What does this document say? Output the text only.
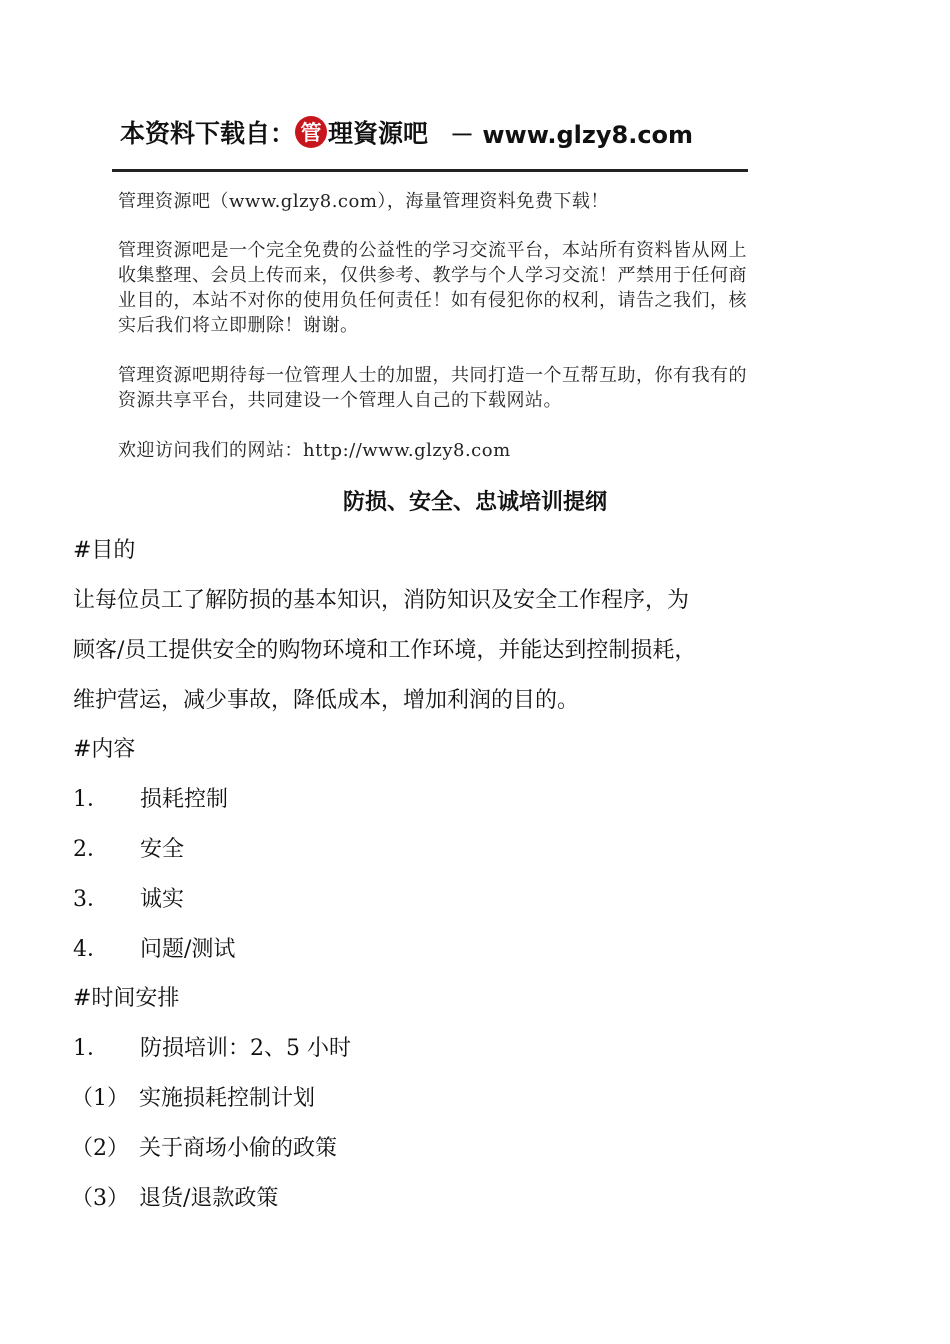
本资料下载自： 管 理資源吧 － www.glzy8.com

管理资源吧（www.glzy8.com），海量管理资料免费下载！

管理资源吧是一个完全免费的公益性的学习交流平台，本站所有资料皆从网上收集整理、会员上传而来，仅供参考、教学与个人学习交流！严禁用于任何商业目的，本站不对你的使用负任何责任！如有侵犯你的权利，请告之我们，核实后我们将立即删除！谢谢。

管理资源吧期待每一位管理人士的加盟，共同打造一个互帮互助，你有我有的资源共享平台，共同建设一个管理人自己的下载网站。

欢迎访问我们的网站：http://www.glzy8.com

防损、安全、忠诚培训提纲

#目的

让每位员工了解防损的基本知识，消防知识及安全工作程序，为

顾客/员工提供安全的购物环境和工作环境，并能达到控制损耗，

维护营运，减少事故，降低成本，增加利润的目的。

#内容

1． 损耗控制

2． 安全

3． 诚实

4． 问题/测试

#时间安排

1． 防损培训：2、5 小时

（1） 实施损耗控制计划

（2） 关于商场小偷的政策

（3） 退货/退款政策
